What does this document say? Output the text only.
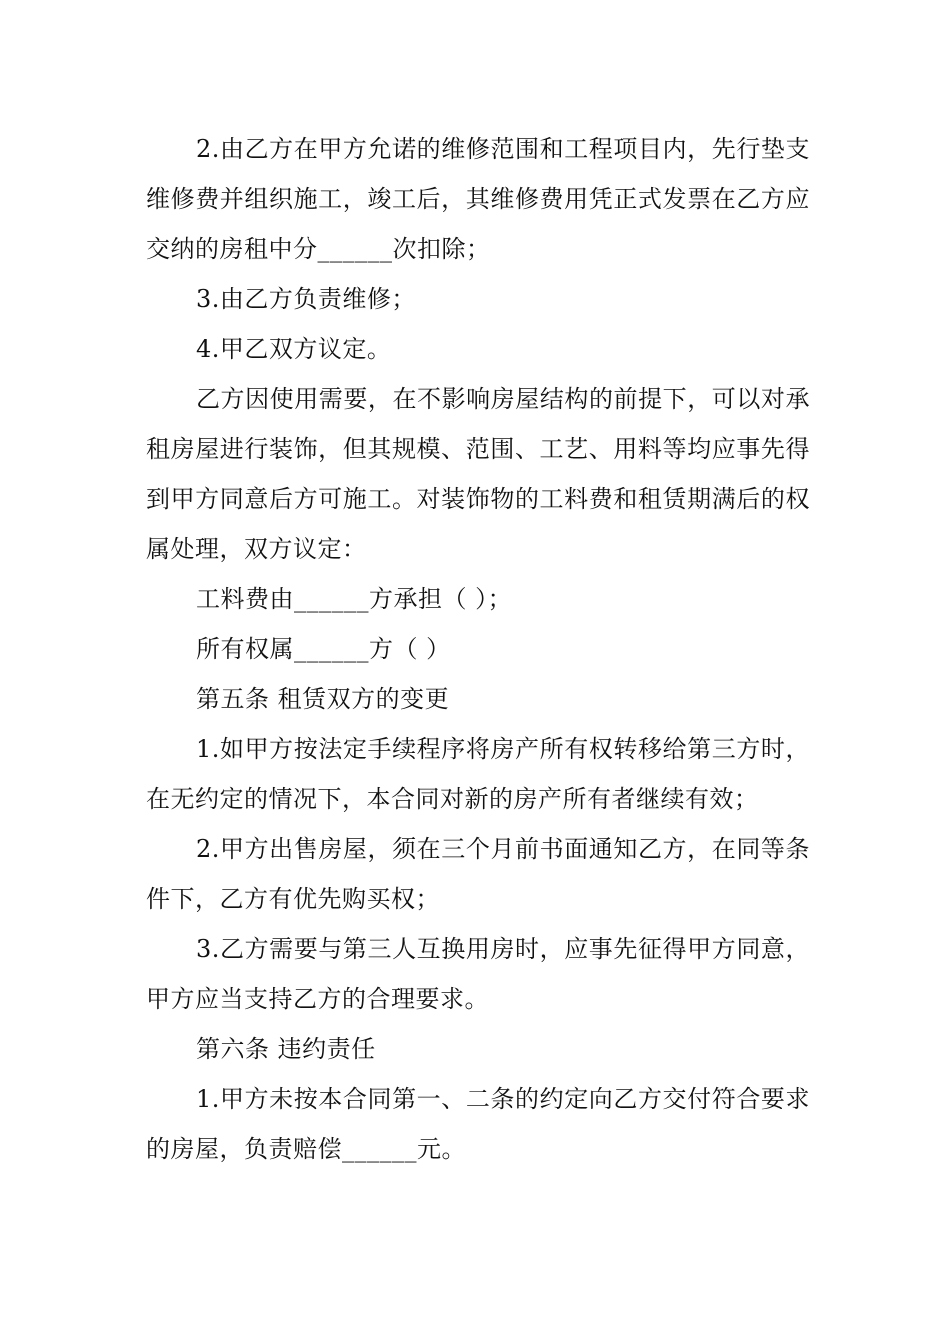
2.由乙方在甲方允诺的维修范围和工程项目内，先行垫支维修费并组织施工，竣工后，其维修费用凭正式发票在乙方应交纳的房租中分______次扣除；

3.由乙方负责维修；

4.甲乙双方议定。

乙方因使用需要，在不影响房屋结构的前提下，可以对承租房屋进行装饰，但其规模、范围、工艺、用料等均应事先得到甲方同意后方可施工。对装饰物的工料费和租赁期满后的权属处理，双方议定：

工料费由______方承担（ ）；

所有权属______方（ ）

第五条 租赁双方的变更

1.如甲方按法定手续程序将房产所有权转移给第三方时，在无约定的情况下，本合同对新的房产所有者继续有效；

2.甲方出售房屋，须在三个月前书面通知乙方，在同等条件下，乙方有优先购买权；

3.乙方需要与第三人互换用房时，应事先征得甲方同意，甲方应当支持乙方的合理要求。

第六条 违约责任

1.甲方未按本合同第一、二条的约定向乙方交付符合要求的房屋，负责赔偿______元。
